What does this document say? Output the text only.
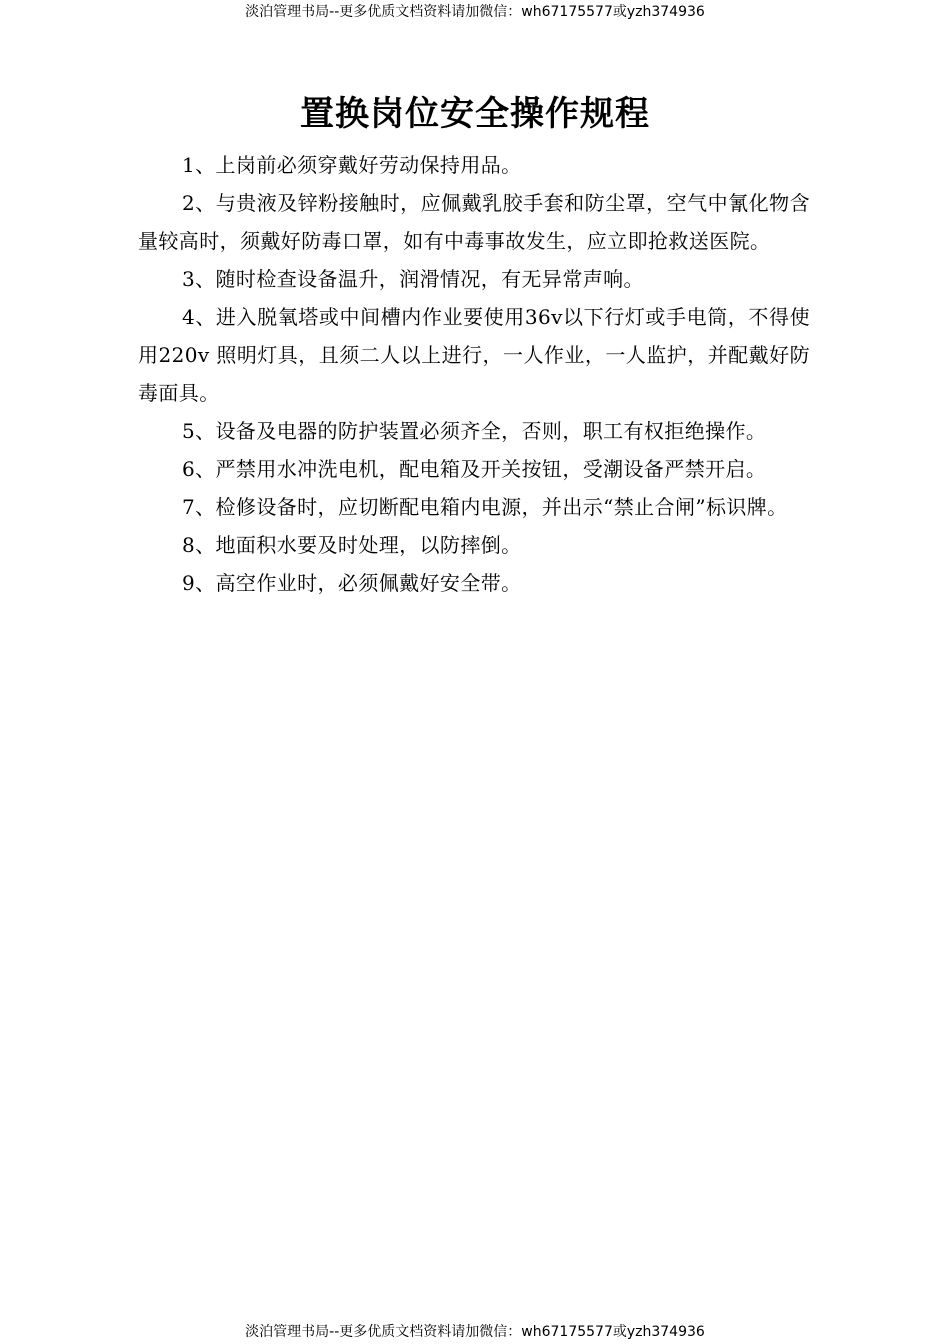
淡泊管理书局--更多优质文档资料请加微信：wh67175577或yzh374936
置换岗位安全操作规程

1、上岗前必须穿戴好劳动保持用品。

2、与贵液及锌粉接触时，应佩戴乳胶手套和防尘罩，空气中氰化物含量较高时，须戴好防毒口罩，如有中毒事故发生，应立即抢救送医院。

3、随时检查设备温升，润滑情况，有无异常声响。

4、进入脱氧塔或中间槽内作业要使用36v以下行灯或手电筒，不得使用220v 照明灯具，且须二人以上进行，一人作业，一人监护，并配戴好防毒面具。

5、设备及电器的防护装置必须齐全，否则，职工有权拒绝操作。

6、严禁用水冲洗电机，配电箱及开关按钮，受潮设备严禁开启。

7、检修设备时，应切断配电箱内电源，并出示“禁止合闸”标识牌。

8、地面积水要及时处理，以防摔倒。

9、高空作业时，必须佩戴好安全带。

淡泊管理书局--更多优质文档资料请加微信：wh67175577或yzh374936
